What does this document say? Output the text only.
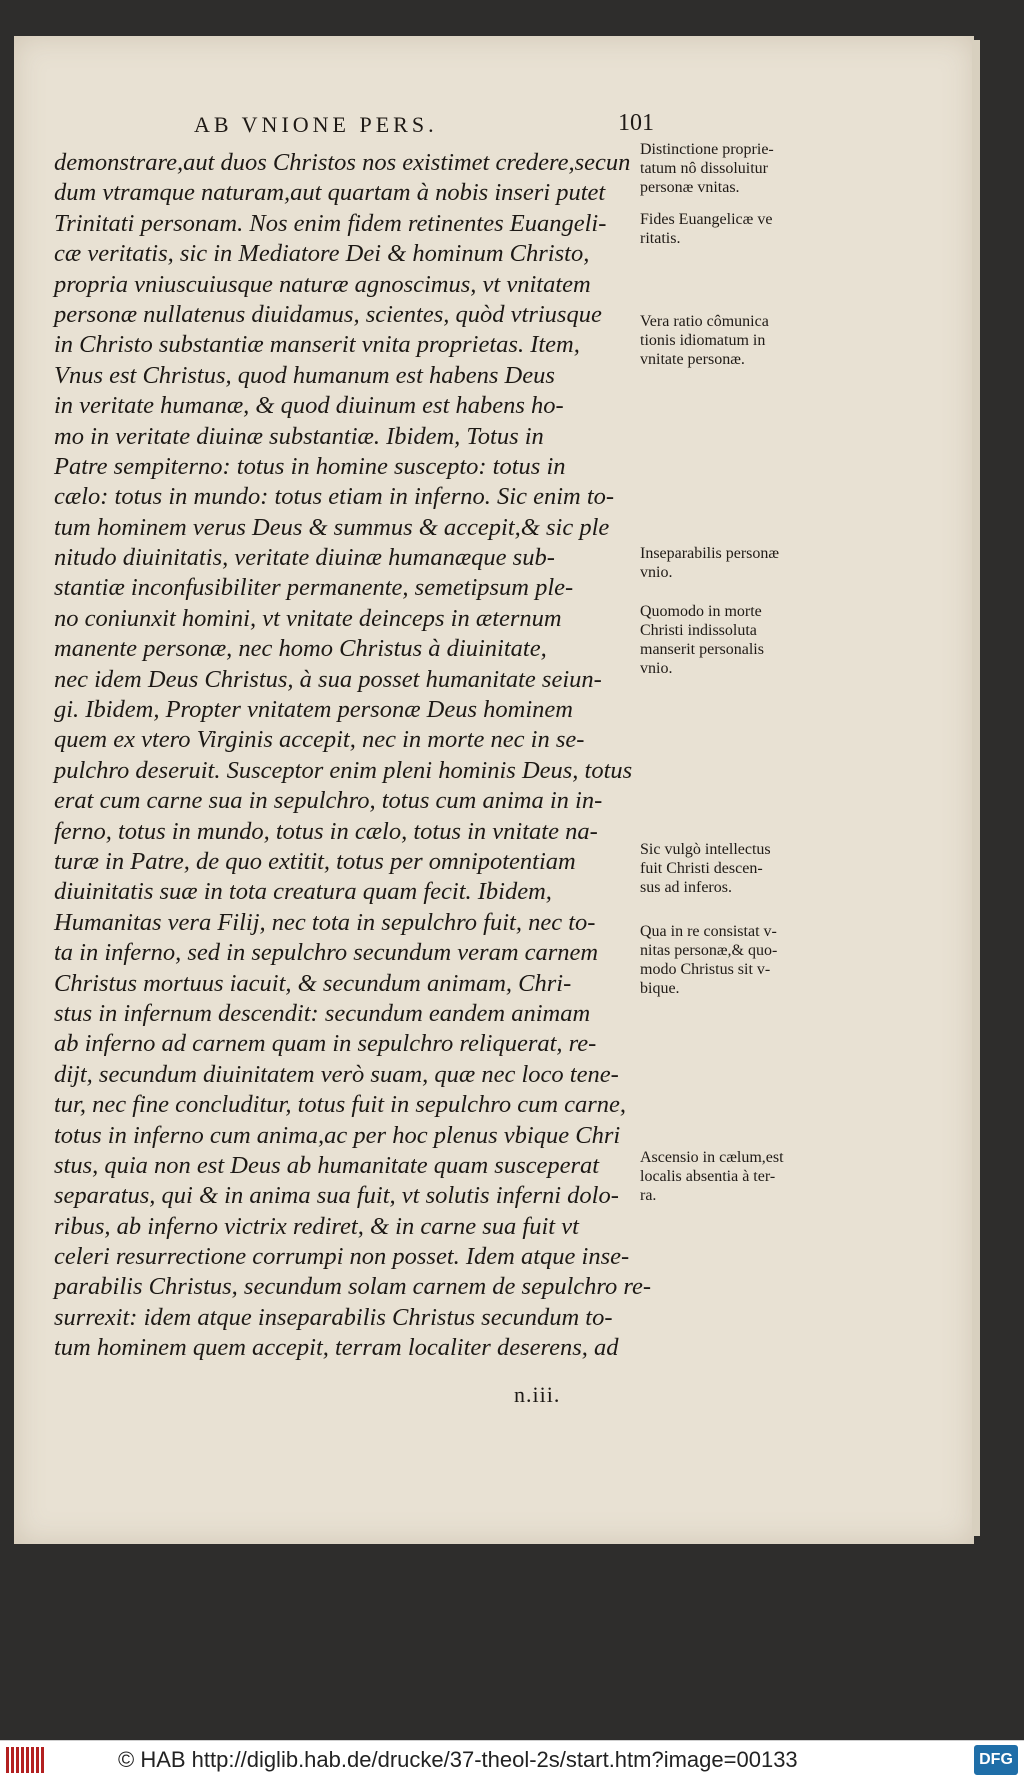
AB VNIONE PERS.	101
demonstrare,aut duos Christos nos existimet credere,secun
dum vtramque naturam,aut quartam à nobis inseri putet
Trinitati personam. Nos enim fidem retinentes Euangeli-
cæ veritatis, sic in Mediatore Dei & hominum Christo,
propria vniuscuiusque naturæ agnoscimus, vt vnitatem
personæ nullatenus diuidamus, scientes, quòd vtriusque
in Christo substantiæ manserit vnita proprietas. Item,
Vnus est Christus, quod humanum est habens Deus
in veritate humanæ, & quod diuinum est habens ho-
mo in veritate diuinæ substantiæ. Ibidem, Totus in
Patre sempiterno: totus in homine suscepto: totus in
cælo: totus in mundo: totus etiam in inferno. Sic enim to-
tum hominem verus Deus & summus & accepit,& sic ple
nitudo diuinitatis, veritate diuinæ humanæque sub-
stantiæ inconfusibiliter permanente, semetipsum ple-
no coniunxit homini, vt vnitate deinceps in æternum
manente personæ, nec homo Christus à diuinitate,
nec idem Deus Christus, à sua posset humanitate seiun-
gi. Ibidem, Propter vnitatem personæ Deus hominem
quem ex vtero Virginis accepit, nec in morte nec in se-
pulchro deseruit. Susceptor enim pleni hominis Deus, totus
erat cum carne sua in sepulchro, totus cum anima in in-
ferno, totus in mundo, totus in cælo, totus in vnitate na-
turæ in Patre, de quo extitit, totus per omnipotentiam
diuinitatis suæ in tota creatura quam fecit. Ibidem,
Humanitas vera Filij, nec tota in sepulchro fuit, nec to-
ta in inferno, sed in sepulchro secundum veram carnem
Christus mortuus iacuit, & secundum animam, Chri-
stus in infernum descendit: secundum eandem animam
ab inferno ad carnem quam in sepulchro reliquerat, re-
dijt, secundum diuinitatem verò suam, quæ nec loco tene-
tur, nec fine concluditur, totus fuit in sepulchro cum carne,
totus in inferno cum anima,ac per hoc plenus vbique Chri
stus, quia non est Deus ab humanitate quam susceperat
separatus, qui & in anima sua fuit, vt solutis inferni dolo-
ribus, ab inferno victrix rediret, & in carne sua fuit vt
celeri resurrectione corrumpi non posset. Idem atque inse-
parabilis Christus, secundum solam carnem de sepulchro re-
surrexit: idem atque inseparabilis Christus secundum to-
tum hominem quem accepit, terram localiter deserens, ad
Distinctione proprie-
tatum nô dissoluitur
personæ vnitas.
Fides Euangelicæ ve
ritatis.
Vera ratio cômunica
tionis idiomatum in
vnitate personæ.
Inseparabilis personæ
vnio.
Quomodo in morte
Christi indissoluta
manserit personalis
vnio.
Sic vulgò intellectus
fuit Christi descen-
sus ad inferos.
Qua in re consistat v-
nitas personæ,& quo-
modo Christus sit v-
bique.
Ascensio in cælum,est
localis absentia à ter-
ra.
n.iii.
© HAB http://diglib.hab.de/drucke/37-theol-2s/start.htm?image=00133	DFG
